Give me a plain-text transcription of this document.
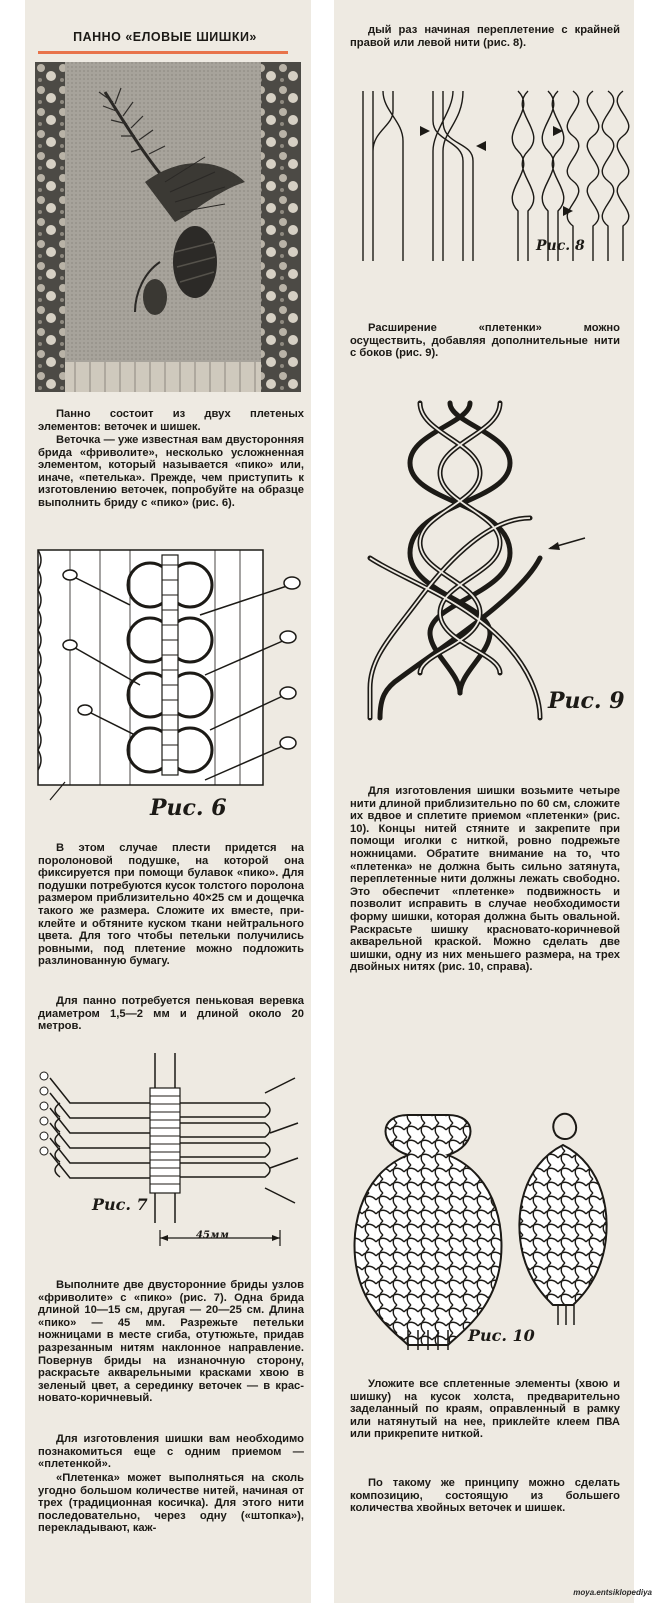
ПАННО «ЕЛОВЫЕ ШИШКИ»

Панно состоит из двух плетеных элементов: веточек и шишек.

Веточка — уже известная вам двусторонняя брида «фриволите», несколько усложненная элементом, который называется «пико» или, иначе, «петелька». Прежде, чем приступить к изготовлению веточек, попробуйте на образце выполнить бриду с «пико» (рис. 6).

Рис. 6

В этом случае плести придется на поролоновой подушке, на которой она фиксируется при помощи булавок «пико». Для подушки потребуются кусок толстого поролона размером приблизительно 40×25 см и дощечка такого же размера. Сложите их вместе, приклейте и обтяните куском ткани нейтрального цвета. Для того чтобы петельки получились ровными, под плетение можно подложить разлинованную бумагу.

Для панно потребуется пеньковая веревка диаметром 1,5—2 мм и длиной около 20 метров.

Рис. 7
45мм

Выполните две двусторонние бриды узлов «фриволите» с «пико» (рис. 7). Одна брида длиной 10—15 см, другая — 20—25 см. Длина «пико» — 45 мм. Разрежьте петельки ножницами в месте сгиба, отутюжьте, придав разрезанным нитям наклонное направление. Повернув бриды на изнаночную сторону, раскрасьте акварельными красками хвою в зеленый цвет, а серединку веточек — в красновато-коричневый.

Для изготовления шишки вам необходимо познакомиться еще с одним приемом — «плетенкой».

«Плетенка» может выполняться на сколь угодно большом количестве нитей, начиная от трех (традиционная косичка). Для этого нити последовательно, через одну («штопка»), перекладывают, каж-

дый раз начиная переплетение с крайней правой или левой нити (рис. 8).

Рис. 8

Расширение «плетенки» можно осуществить, добавляя дополнительные нити с боков (рис. 9).

Рис. 9

Для изготовления шишки возьмите четыре нити длиной приблизительно по 60 см, сложите их вдвое и сплетите приемом «плетенки» (рис. 10). Концы нитей стяните и закрепите при помощи иголки с ниткой, ровно подрежьте ножницами. Обратите внимание на то, что «плетенка» не должна быть сильно затянута, переплетенные нити должны лежать свободно. Это обеспечит «плетенке» подвижность и позволит исправить в случае необходимости форму шишки, которая должна быть овальной. Раскрасьте шишку красновато-коричневой акварельной краской. Можно сделать две шишки, одну из них меньшего размера, на трех двойных нитях (рис. 10, справа).

Рис. 10

Уложите все сплетенные элементы (хвою и шишку) на кусок холста, предварительно заделанный по краям, оправленный в рамку или натянутый на нее, приклейте клеем ПВА или прикрепите ниткой.

По такому же принципу можно сделать композицию, состоящую из большего количества хвойных веточек и шишек.

moya.entsiklopediya
